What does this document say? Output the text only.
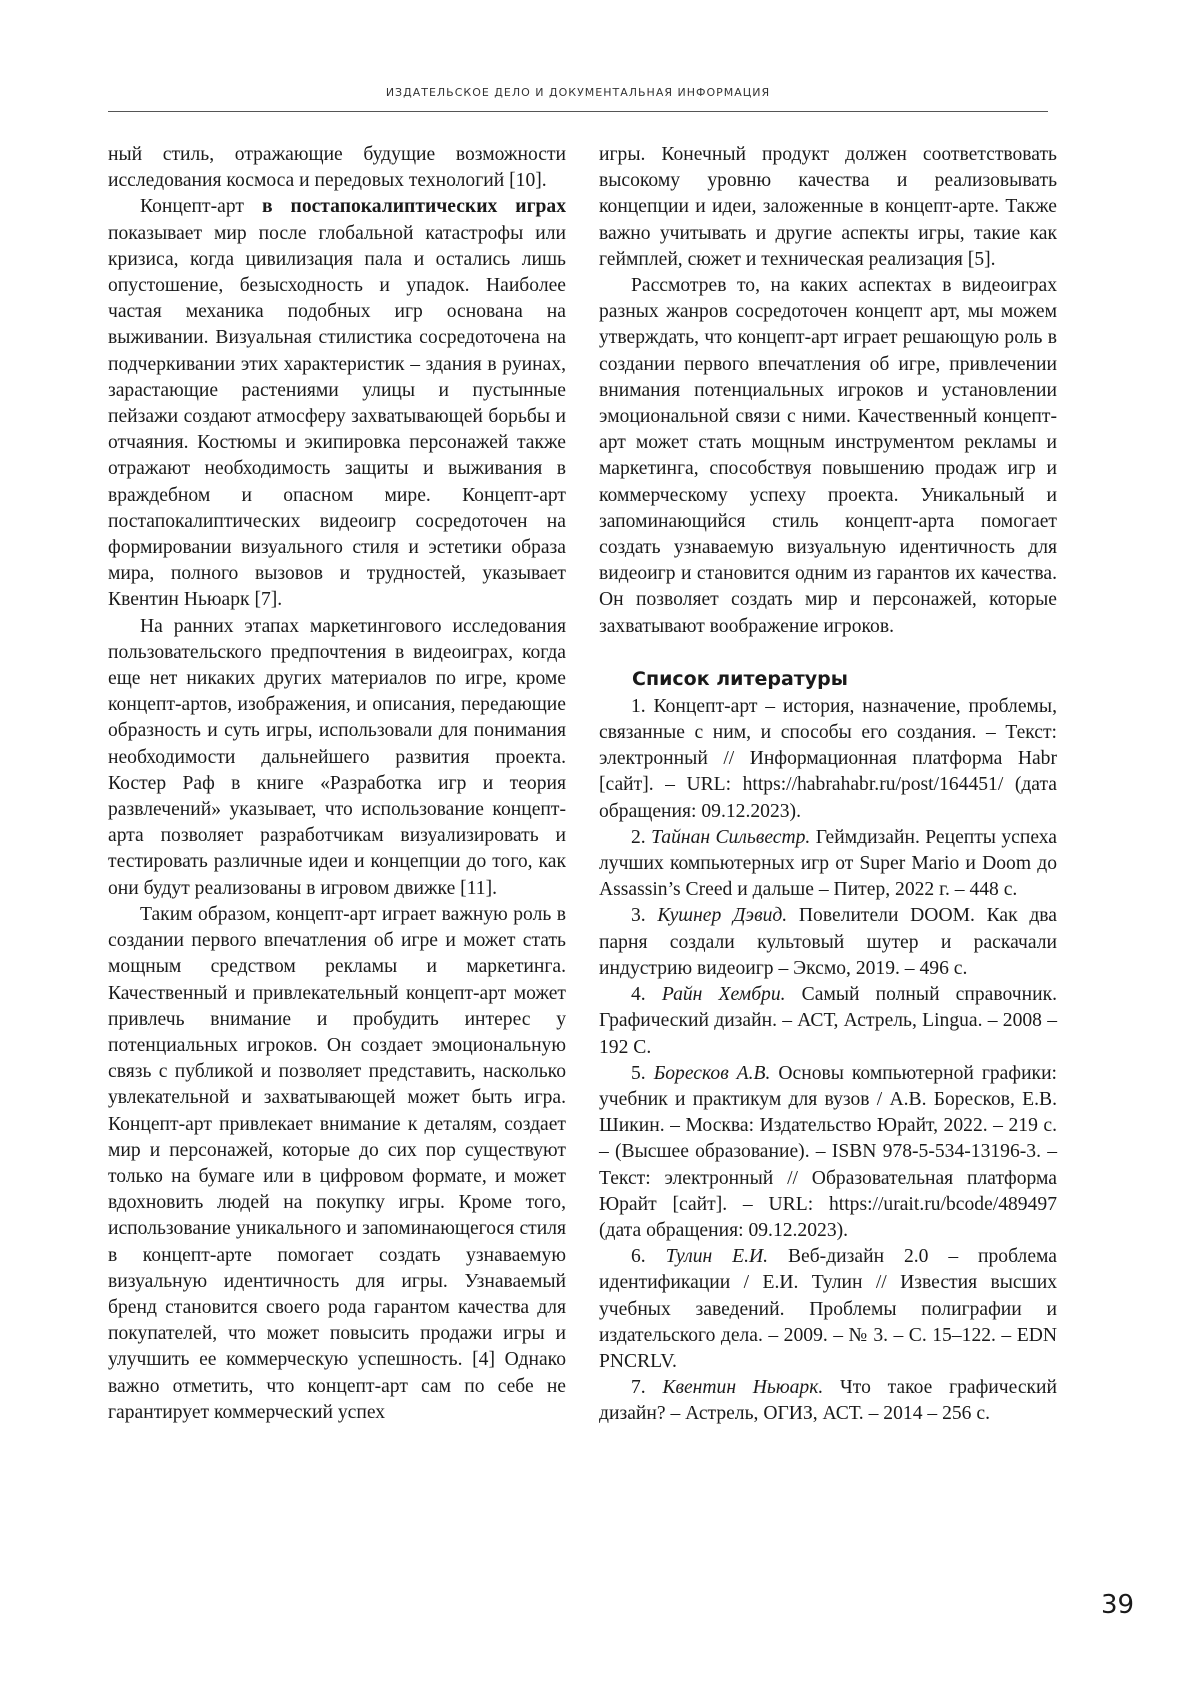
ИЗДАТЕЛЬСКОЕ ДЕЛО И ДОКУМЕНТАЛЬНАЯ ИНФОРМАЦИЯ

ный стиль, отражающие будущие возможности исследования космоса и передовых технологий [10].

Концепт-арт в постапокалиптических играх показывает мир после глобальной катастрофы или кризиса, когда цивилизация пала и остались лишь опустошение, безысходность и упадок. Наиболее частая механика подобных игр основана на выживании. Визуальная стилистика сосредоточена на подчеркивании этих характеристик – здания в руинах, зарастающие растениями улицы и пустынные пейзажи создают атмосферу захватывающей борьбы и отчаяния. Костюмы и экипировка персонажей также отражают необходимость защиты и выживания в враждебном и опасном мире. Концепт-арт постапокалиптических видеоигр сосредоточен на формировании визуального стиля и эстетики образа мира, полного вызовов и трудностей, указывает Квентин Ньюарк [7].

На ранних этапах маркетингового исследования пользовательского предпочтения в видеоиграх, когда еще нет никаких других материалов по игре, кроме концепт-артов, изображения, и описания, передающие образность и суть игры, использовали для понимания необходимости дальнейшего развития проекта. Костер Раф в книге «Разработка игр и теория развлечений» указывает, что использование концепт-арта позволяет разработчикам визуализировать и тестировать различные идеи и концепции до того, как они будут реализованы в игровом движке [11].

Таким образом, концепт-арт играет важную роль в создании первого впечатления об игре и может стать мощным средством рекламы и маркетинга. Качественный и привлекательный концепт-арт может привлечь внимание и пробудить интерес у потенциальных игроков. Он создает эмоциональную связь с публикой и позволяет представить, насколько увлекательной и захватывающей может быть игра. Концепт-арт привлекает внимание к деталям, создает мир и персонажей, которые до сих пор существуют только на бумаге или в цифровом формате, и может вдохновить людей на покупку игры. Кроме того, использование уникального и запоминающегося стиля в концепт-арте помогает создать узнаваемую визуальную идентичность для игры. Узнаваемый бренд становится своего рода гарантом качества для покупателей, что может повысить продажи игры и улучшить ее коммерческую успешность. [4] Однако важно отметить, что концепт-арт сам по себе не гарантирует коммерческий успех

игры. Конечный продукт должен соответствовать высокому уровню качества и реализовывать концепции и идеи, заложенные в концепт-арте. Также важно учитывать и другие аспекты игры, такие как геймплей, сюжет и техническая реализация [5].

Рассмотрев то, на каких аспектах в видеоиграх разных жанров сосредоточен концепт арт, мы можем утверждать, что концепт-арт играет решающую роль в создании первого впечатления об игре, привлечении внимания потенциальных игроков и установлении эмоциональной связи с ними. Качественный концепт-арт может стать мощным инструментом рекламы и маркетинга, способствуя повышению продаж игр и коммерческому успеху проекта. Уникальный и запоминающийся стиль концепт-арта помогает создать узнаваемую визуальную идентичность для видеоигр и становится одним из гарантов их качества. Он позволяет создать мир и персонажей, которые захватывают воображение игроков.

Список литературы

1. Концепт-арт – история, назначение, проблемы, связанные с ним, и способы его создания. – Текст: электронный // Информационная платформа Habr [сайт]. – URL: https://habrahabr.ru/post/164451/ (дата обращения: 09.12.2023).

2. Тайнан Сильвестр. Геймдизайн. Рецепты успеха лучших компьютерных игр от Super Mario и Doom до Assassin’s Creed и дальше – Питер, 2022 г. – 448 с.

3. Кушнер Дэвид. Повелители DOOM. Как два парня создали культовый шутер и раскачали индустрию видеоигр – Эксмо, 2019. – 496 с.

4. Райн Хембри. Самый полный справочник. Графический дизайн. – АСТ, Астрель, Lingua. – 2008 – 192 С.

5. Боресков А.В. Основы компьютерной графики: учебник и практикум для вузов / А.В. Боресков, Е.В. Шикин. – Москва: Издательство Юрайт, 2022. – 219 с. – (Высшее образование). – ISBN 978-5-534-13196-3. – Текст: электронный // Образовательная платформа Юрайт [сайт]. – URL: https://urait.ru/bcode/489497 (дата обращения: 09.12.2023).

6. Тулин Е.И. Веб-дизайн 2.0 – проблема идентификации / Е.И. Тулин // Известия высших учебных заведений. Проблемы полиграфии и издательского дела. – 2009. – № 3. – С. 15–122. – EDN PNCRLV.

7. Квентин Ньюарк. Что такое графический дизайн? – Астрель, ОГИЗ, АСТ. – 2014 – 256 с.

39
